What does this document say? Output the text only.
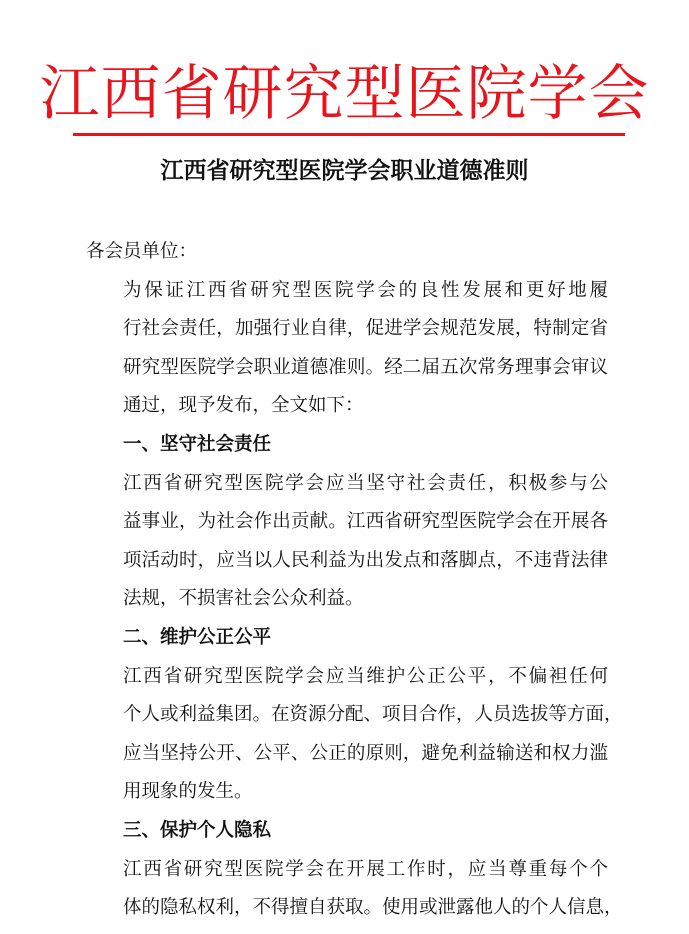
江西省研究型医院学会
江西省研究型医院学会职业道德准则

各会员单位：

为保证江西省研究型医院学会的良性发展和更好地履
行社会责任，加强行业自律，促进学会规范发展，特制定省
研究型医院学会职业道德准则。经二届五次常务理事会审议
通过，现予发布，全文如下：

一、坚守社会责任

江西省研究型医院学会应当坚守社会责任，积极参与公
益事业，为社会作出贡献。江西省研究型医院学会在开展各
项活动时，应当以人民利益为出发点和落脚点，不违背法律
法规，不损害社会公众利益。

二、维护公正公平

江西省研究型医院学会应当维护公正公平，不偏袒任何
个人或利益集团。在资源分配、项目合作，人员选拔等方面，
应当坚持公开、公平、公正的原则，避免利益输送和权力滥
用现象的发生。

三、保护个人隐私

江西省研究型医院学会在开展工作时，应当尊重每个个
体的隐私权利，不得擅自获取。使用或泄露他人的个人信息，
